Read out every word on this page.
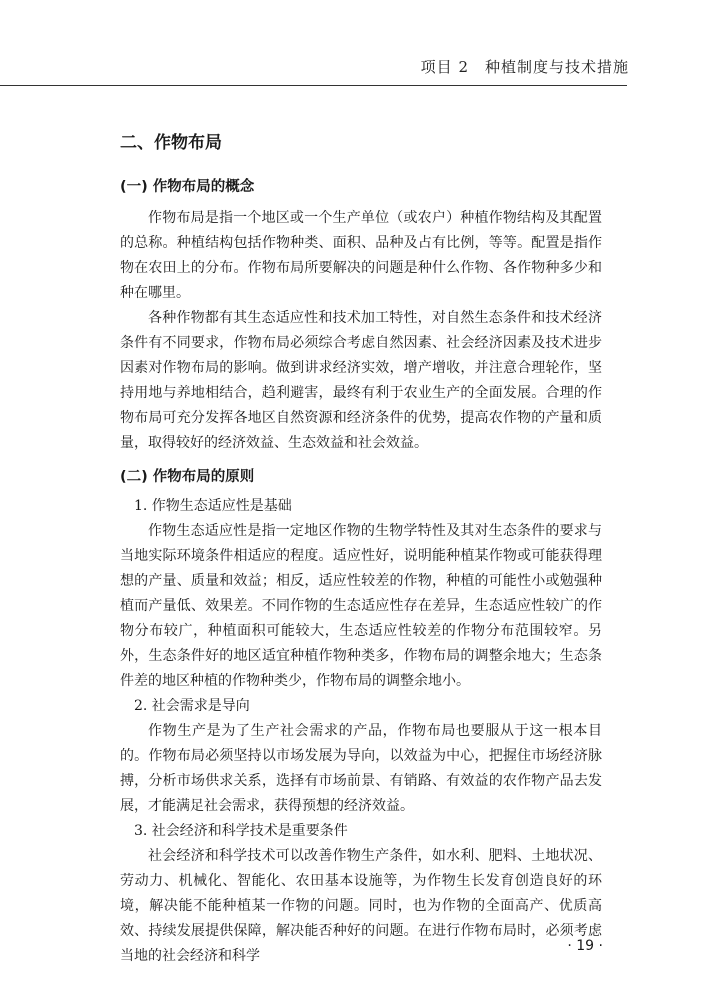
项目 2　种植制度与技术措施
二、作物布局
(一) 作物布局的概念

作物布局是指一个地区或一个生产单位（或农户）种植作物结构及其配置的总称。种植结构包括作物种类、面积、品种及占有比例，等等。配置是指作物在农田上的分布。作物布局所要解决的问题是种什么作物、各作物种多少和种在哪里。

各种作物都有其生态适应性和技术加工特性，对自然生态条件和技术经济条件有不同要求，作物布局必须综合考虑自然因素、社会经济因素及技术进步因素对作物布局的影响。做到讲求经济实效，增产增收，并注意合理轮作，坚持用地与养地相结合，趋利避害，最终有利于农业生产的全面发展。合理的作物布局可充分发挥各地区自然资源和经济条件的优势，提高农作物的产量和质量，取得较好的经济效益、生态效益和社会效益。

(二) 作物布局的原则

1. 作物生态适应性是基础

作物生态适应性是指一定地区作物的生物学特性及其对生态条件的要求与当地实际环境条件相适应的程度。适应性好，说明能种植某作物或可能获得理想的产量、质量和效益；相反，适应性较差的作物，种植的可能性小或勉强种植而产量低、效果差。不同作物的生态适应性存在差异，生态适应性较广的作物分布较广，种植面积可能较大，生态适应性较差的作物分布范围较窄。另外，生态条件好的地区适宜种植作物种类多，作物布局的调整余地大；生态条件差的地区种植的作物种类少，作物布局的调整余地小。

2. 社会需求是导向

作物生产是为了生产社会需求的产品，作物布局也要服从于这一根本目的。作物布局必须坚持以市场发展为导向，以效益为中心，把握住市场经济脉搏，分析市场供求关系，选择有市场前景、有销路、有效益的农作物产品去发展，才能满足社会需求，获得预想的经济效益。

3. 社会经济和科学技术是重要条件

社会经济和科学技术可以改善作物生产条件，如水利、肥料、土地状况、劳动力、机械化、智能化、农田基本设施等，为作物生长发育创造良好的环境，解决能不能种植某一作物的问题。同时，也为作物的全面高产、优质高效、持续发展提供保障，解决能否种好的问题。在进行作物布局时，必须考虑当地的社会经济和科学

· 19 ·
